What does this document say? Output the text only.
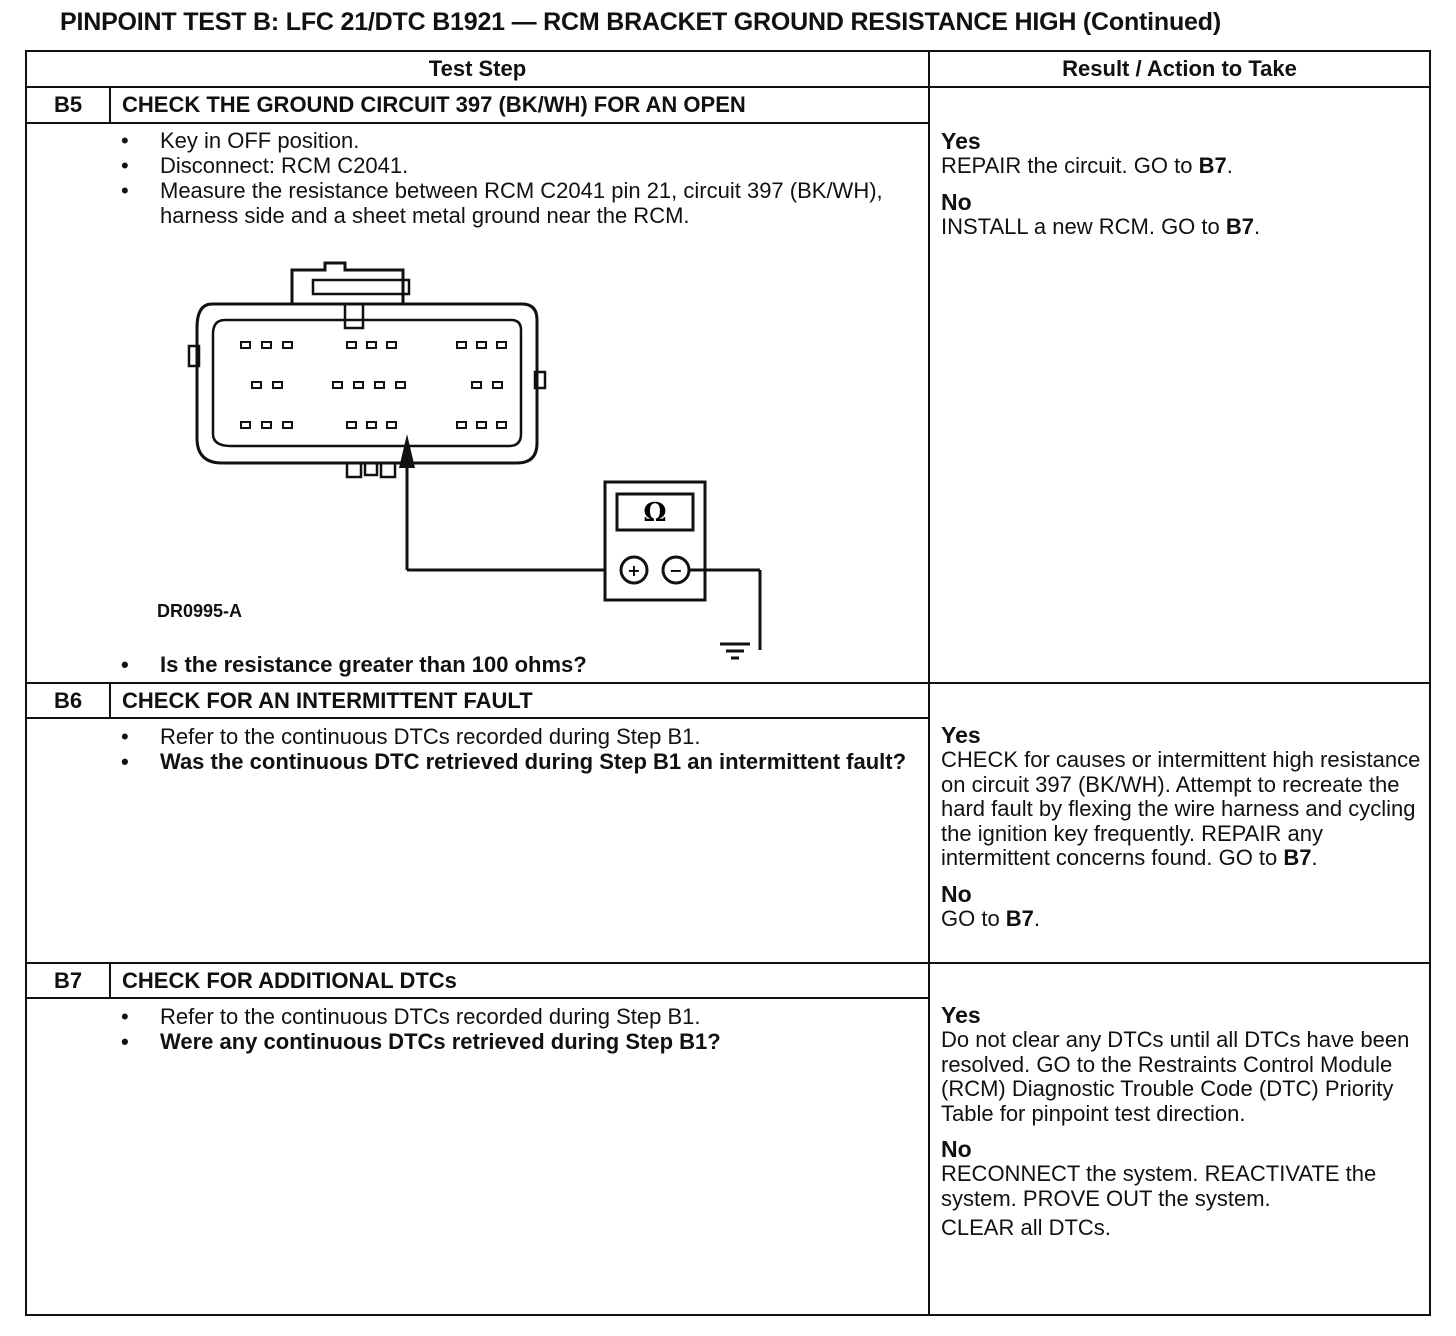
PINPOINT TEST B: LFC 21/DTC B1921 — RCM BRACKET GROUND RESISTANCE HIGH (Continued)
Test Step	Result / Action to Take
B5	CHECK THE GROUND CIRCUIT 397 (BK/WH) FOR AN OPEN
• Key in OFF position.
• Disconnect: RCM C2041.
• Measure the resistance between RCM C2041 pin 21, circuit 397 (BK/WH), harness side and a sheet metal ground near the RCM.
Ω
+ −
DR0995-A
• Is the resistance greater than 100 ohms?
Yes
REPAIR the circuit. GO to B7.
No
INSTALL a new RCM. GO to B7.
B6	CHECK FOR AN INTERMITTENT FAULT
• Refer to the continuous DTCs recorded during Step B1.
• Was the continuous DTC retrieved during Step B1 an intermittent fault?
Yes
CHECK for causes or intermittent high resistance on circuit 397 (BK/WH). Attempt to recreate the hard fault by flexing the wire harness and cycling the ignition key frequently. REPAIR any intermittent concerns found. GO to B7.
No
GO to B7.
B7	CHECK FOR ADDITIONAL DTCs
• Refer to the continuous DTCs recorded during Step B1.
• Were any continuous DTCs retrieved during Step B1?
Yes
Do not clear any DTCs until all DTCs have been resolved. GO to the Restraints Control Module (RCM) Diagnostic Trouble Code (DTC) Priority Table for pinpoint test direction.
No
RECONNECT the system. REACTIVATE the system. PROVE OUT the system.
CLEAR all DTCs.
